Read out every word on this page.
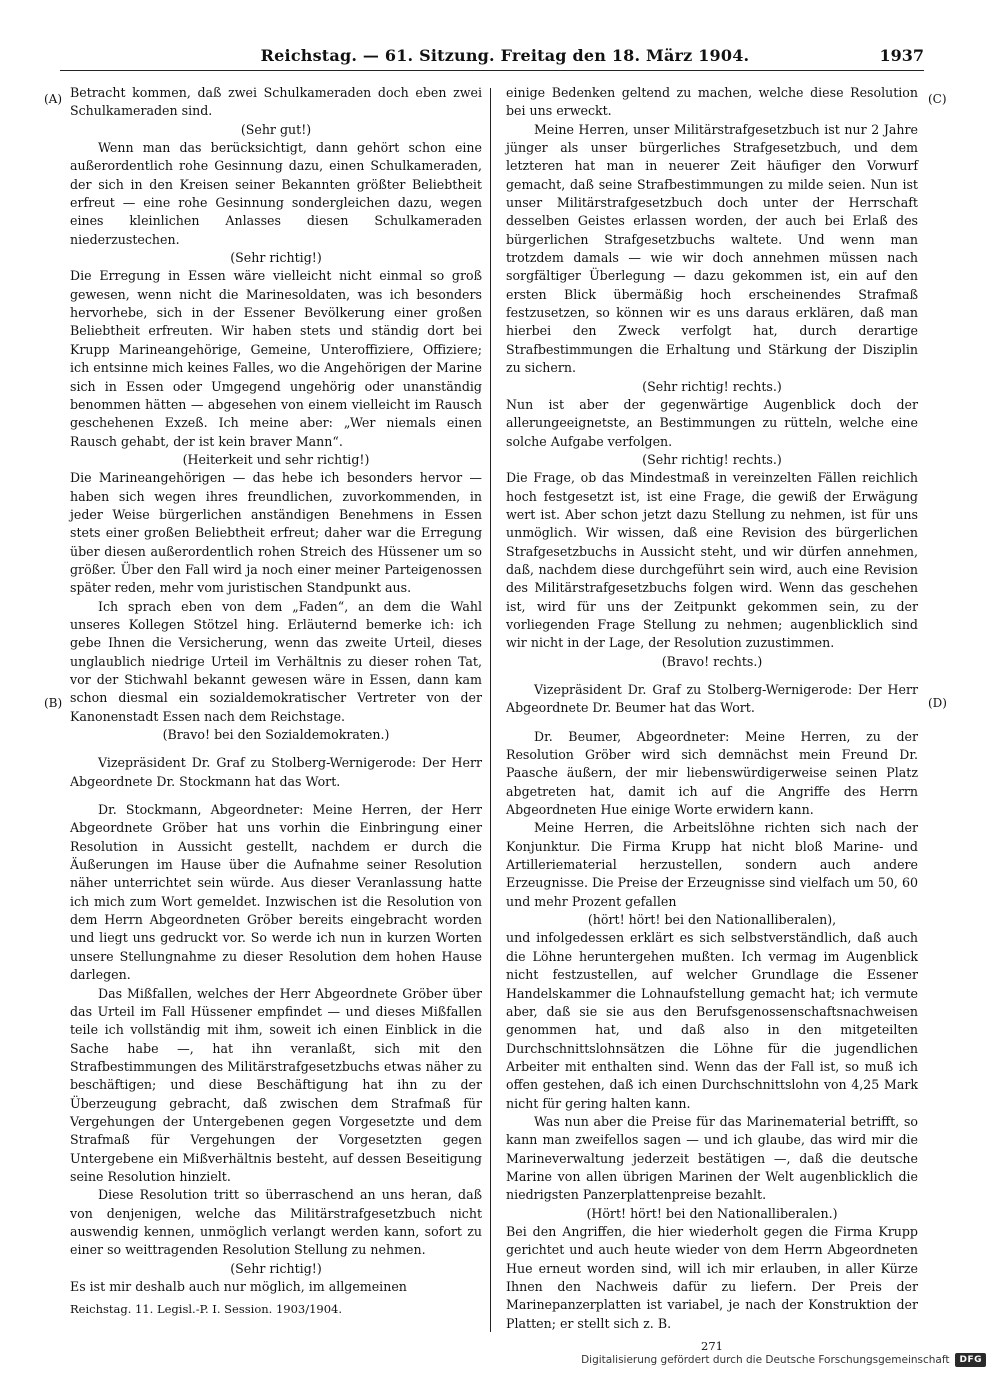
Reichstag. — 61. Sitzung. Freitag den 18. März 1904.	1937
(A)
(B)
(C)
(D)

Betracht kommen, daß zwei Schulkameraden doch eben zwei Schulkameraden sind.

(Sehr gut!)

Wenn man das berücksichtigt, dann gehört schon eine außerordentlich rohe Gesinnung dazu, einen Schulkameraden, der sich in den Kreisen seiner Bekannten größter Beliebtheit erfreut — eine rohe Gesinnung sondergleichen dazu, wegen eines kleinlichen Anlasses diesen Schulkameraden niederzustechen.

(Sehr richtig!)

Die Erregung in Essen wäre vielleicht nicht einmal so groß gewesen, wenn nicht die Marinesoldaten, was ich besonders hervorhebe, sich in der Essener Bevölkerung einer großen Beliebtheit erfreuten. Wir haben stets und ständig dort bei Krupp Marineangehörige, Gemeine, Unteroffiziere, Offiziere; ich entsinne mich keines Falles, wo die Angehörigen der Marine sich in Essen oder Umgegend ungehörig oder unanständig benommen hätten — abgesehen von einem vielleicht im Rausch geschehenen Exzeß. Ich meine aber: „Wer niemals einen Rausch gehabt, der ist kein braver Mann“.

(Heiterkeit und sehr richtig!)

Die Marineangehörigen — das hebe ich besonders hervor — haben sich wegen ihres freundlichen, zuvorkommenden, in jeder Weise bürgerlichen anständigen Benehmens in Essen stets einer großen Beliebtheit erfreut; daher war die Erregung über diesen außerordentlich rohen Streich des Hüssener um so größer. Über den Fall wird ja noch einer meiner Parteigenossen später reden, mehr vom juristischen Standpunkt aus.

Ich sprach eben von dem „Faden“, an dem die Wahl unseres Kollegen Stötzel hing. Erläuternd bemerke ich: ich gebe Ihnen die Versicherung, wenn das zweite Urteil, dieses unglaublich niedrige Urteil im Verhältnis zu dieser rohen Tat, vor der Stichwahl bekannt gewesen wäre in Essen, dann kam schon diesmal ein sozialdemokratischer Vertreter von der Kanonenstadt Essen nach dem Reichstage.

(Bravo! bei den Sozialdemokraten.)

Vizepräsident Dr. Graf zu Stolberg-Wernigerode: Der Herr Abgeordnete Dr. Stockmann hat das Wort.

Dr. Stockmann, Abgeordneter: Meine Herren, der Herr Abgeordnete Gröber hat uns vorhin die Einbringung einer Resolution in Aussicht gestellt, nachdem er durch die Äußerungen im Hause über die Aufnahme seiner Resolution näher unterrichtet sein würde. Aus dieser Veranlassung hatte ich mich zum Wort gemeldet. Inzwischen ist die Resolution von dem Herrn Abgeordneten Gröber bereits eingebracht worden und liegt uns gedruckt vor. So werde ich nun in kurzen Worten unsere Stellungnahme zu dieser Resolution dem hohen Hause darlegen.

Das Mißfallen, welches der Herr Abgeordnete Gröber über das Urteil im Fall Hüssener empfindet — und dieses Mißfallen teile ich vollständig mit ihm, soweit ich einen Einblick in die Sache habe —, hat ihn veranlaßt, sich mit den Strafbestimmungen des Militärstrafgesetzbuchs etwas näher zu beschäftigen; und diese Beschäftigung hat ihn zu der Überzeugung gebracht, daß zwischen dem Strafmaß für Vergehungen der Untergebenen gegen Vorgesetzte und dem Strafmaß für Vergehungen der Vorgesetzten gegen Untergebene ein Mißverhältnis besteht, auf dessen Beseitigung seine Resolution hinzielt.

Diese Resolution tritt so überraschend an uns heran, daß von denjenigen, welche das Militärstrafgesetzbuch nicht auswendig kennen, unmöglich verlangt werden kann, sofort zu einer so weittragenden Resolution Stellung zu nehmen.

(Sehr richtig!)

Es ist mir deshalb auch nur möglich, im allgemeinen

Reichstag. 11. Legisl.-P. I. Session. 1903/1904.

einige Bedenken geltend zu machen, welche diese Resolution bei uns erweckt.

Meine Herren, unser Militärstrafgesetzbuch ist nur 2 Jahre jünger als unser bürgerliches Strafgesetzbuch, und dem letzteren hat man in neuerer Zeit häufiger den Vorwurf gemacht, daß seine Strafbestimmungen zu milde seien. Nun ist unser Militärstrafgesetzbuch doch unter der Herrschaft desselben Geistes erlassen worden, der auch bei Erlaß des bürgerlichen Strafgesetzbuchs waltete. Und wenn man trotzdem damals — wie wir doch annehmen müssen nach sorgfältiger Überlegung — dazu gekommen ist, ein auf den ersten Blick übermäßig hoch erscheinendes Strafmaß festzusetzen, so können wir es uns daraus erklären, daß man hierbei den Zweck verfolgt hat, durch derartige Strafbestimmungen die Erhaltung und Stärkung der Disziplin zu sichern.

(Sehr richtig! rechts.)

Nun ist aber der gegenwärtige Augenblick doch der allerungeeignetste, an Bestimmungen zu rütteln, welche eine solche Aufgabe verfolgen.

(Sehr richtig! rechts.)

Die Frage, ob das Mindestmaß in vereinzelten Fällen reichlich hoch festgesetzt ist, ist eine Frage, die gewiß der Erwägung wert ist. Aber schon jetzt dazu Stellung zu nehmen, ist für uns unmöglich. Wir wissen, daß eine Revision des bürgerlichen Strafgesetzbuchs in Aussicht steht, und wir dürfen annehmen, daß, nachdem diese durchgeführt sein wird, auch eine Revision des Militärstrafgesetzbuchs folgen wird. Wenn das geschehen ist, wird für uns der Zeitpunkt gekommen sein, zu der vorliegenden Frage Stellung zu nehmen; augenblicklich sind wir nicht in der Lage, der Resolution zuzustimmen.

(Bravo! rechts.)

Vizepräsident Dr. Graf zu Stolberg-Wernigerode: Der Herr Abgeordnete Dr. Beumer hat das Wort.

Dr. Beumer, Abgeordneter: Meine Herren, zu der Resolution Gröber wird sich demnächst mein Freund Dr. Paasche äußern, der mir liebenswürdigerweise seinen Platz abgetreten hat, damit ich auf die Angriffe des Herrn Abgeordneten Hue einige Worte erwidern kann.

Meine Herren, die Arbeitslöhne richten sich nach der Konjunktur. Die Firma Krupp hat nicht bloß Marine- und Artilleriematerial herzustellen, sondern auch andere Erzeugnisse. Die Preise der Erzeugnisse sind vielfach um 50, 60 und mehr Prozent gefallen

(hört! hört! bei den Nationalliberalen),

und infolgedessen erklärt es sich selbstverständlich, daß auch die Löhne heruntergehen mußten. Ich vermag im Augenblick nicht festzustellen, auf welcher Grundlage die Essener Handelskammer die Lohnaufstellung gemacht hat; ich vermute aber, daß sie sie aus den Berufsgenossenschaftsnachweisen genommen hat, und daß also in den mitgeteilten Durchschnittslohnsätzen die Löhne für die jugendlichen Arbeiter mit enthalten sind. Wenn das der Fall ist, so muß ich offen gestehen, daß ich einen Durchschnittslohn von 4,25 Mark nicht für gering halten kann.

Was nun aber die Preise für das Marinematerial betrifft, so kann man zweifellos sagen — und ich glaube, das wird mir die Marineverwaltung jederzeit bestätigen —, daß die deutsche Marine von allen übrigen Marinen der Welt augenblicklich die niedrigsten Panzerplattenpreise bezahlt.

(Hört! hört! bei den Nationalliberalen.)

Bei den Angriffen, die hier wiederholt gegen die Firma Krupp gerichtet und auch heute wieder von dem Herrn Abgeordneten Hue erneut worden sind, will ich mir erlauben, in aller Kürze Ihnen den Nachweis dafür zu liefern. Der Preis der Marinepanzerplatten ist variabel, je nach der Konstruktion der Platten; er stellt sich z. B.

271

Digitalisierung gefördert durch die Deutsche Forschungsgemeinschaft	DFG
